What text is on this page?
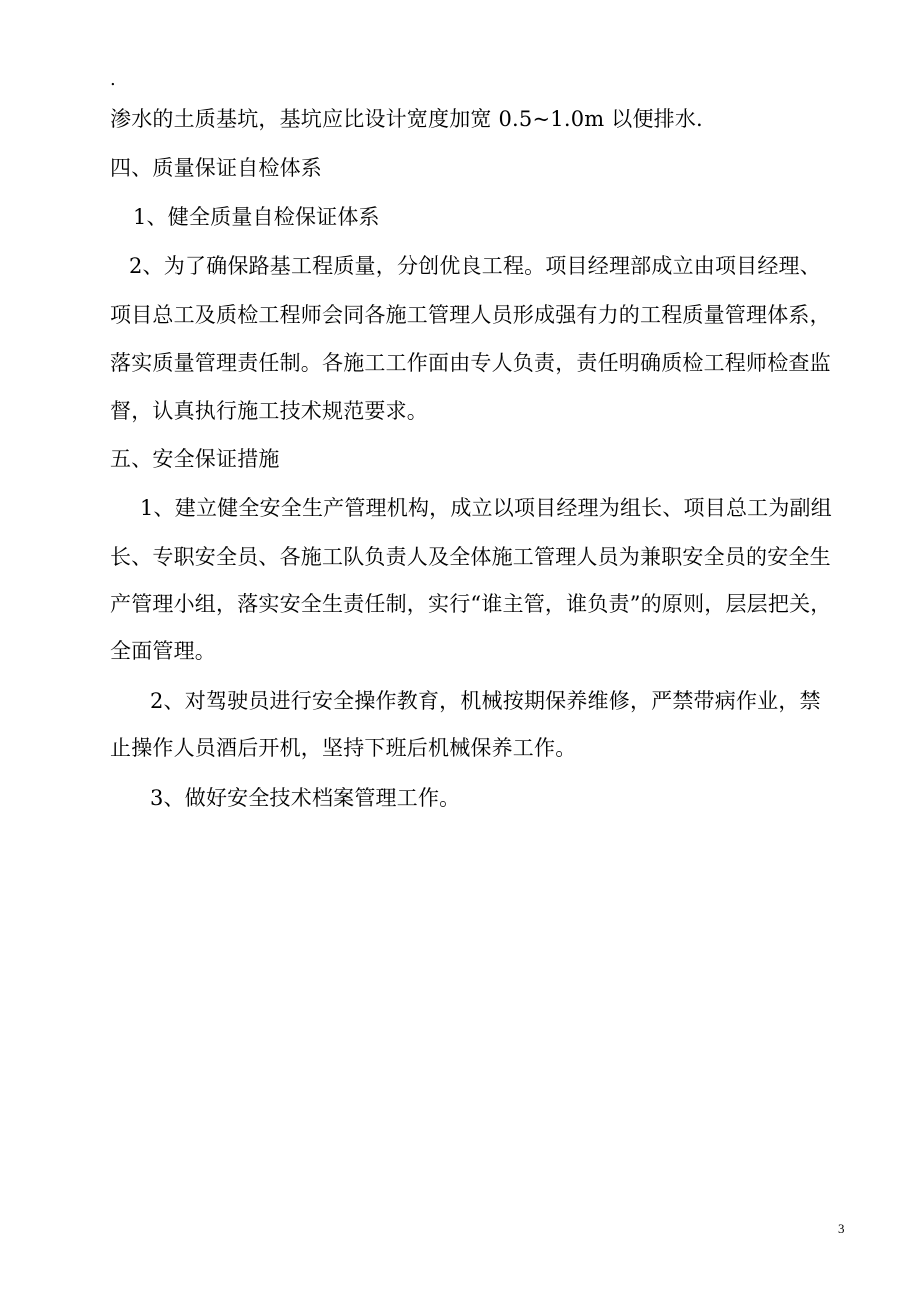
.
渗水的土质基坑，基坑应比设计宽度加宽 0.5~1.0m 以便排水.
四、质量保证自检体系
1、健全质量自检保证体系
2、为了确保路基工程质量，分创优良工程。项目经理部成立由项目经理、
项目总工及质检工程师会同各施工管理人员形成强有力的工程质量管理体系，
落实质量管理责任制。各施工工作面由专人负责，责任明确质检工程师检查监
督，认真执行施工技术规范要求。
五、安全保证措施
1、建立健全安全生产管理机构，成立以项目经理为组长、项目总工为副组
长、专职安全员、各施工队负责人及全体施工管理人员为兼职安全员的安全生
产管理小组，落实安全生责任制，实行“谁主管，谁负责”的原则，层层把关，
全面管理。
2、对驾驶员进行安全操作教育，机械按期保养维修，严禁带病作业，禁
止操作人员酒后开机，坚持下班后机械保养工作。
3、做好安全技术档案管理工作。
3
